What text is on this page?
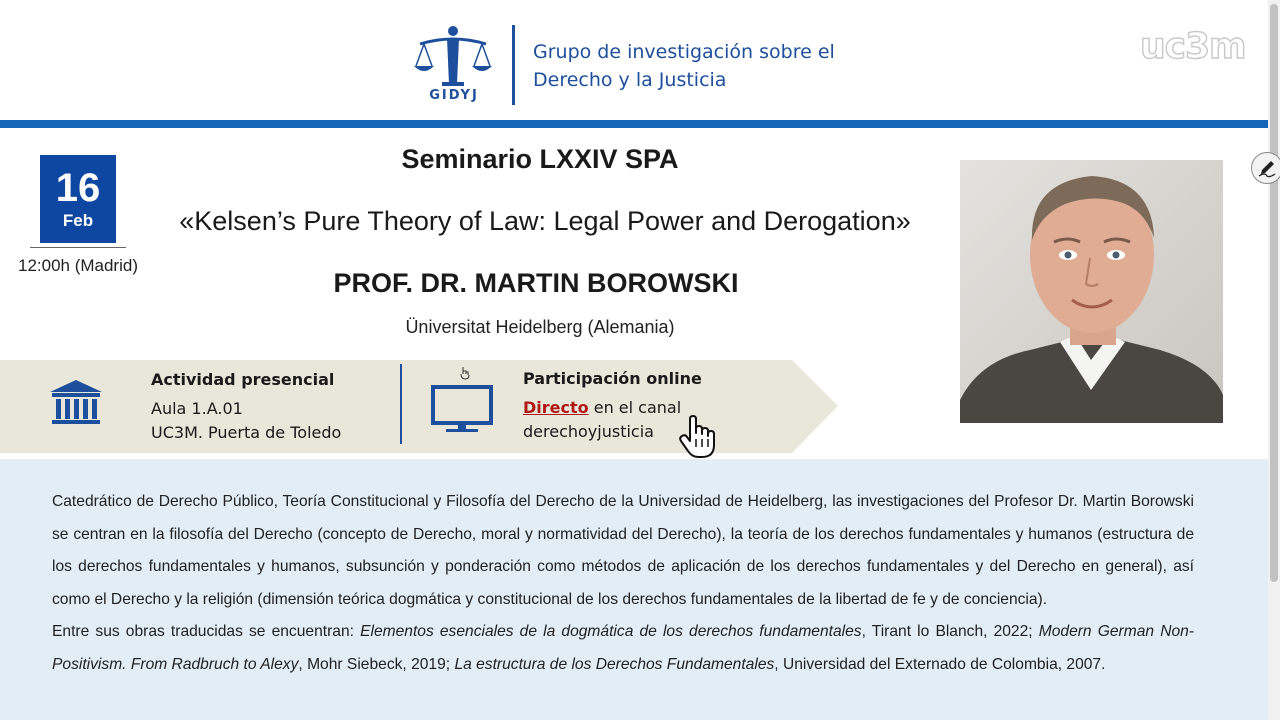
GIDYJ
Grupo de investigación sobre el
Derecho y la Justicia
uc3m
16
Feb
12:00h (Madrid)
Seminario LXXIV SPA
«Kelsen’s Pure Theory of Law: Legal Power and Derogation»
PROF. DR. MARTIN BOROWSKI
Üniversitat Heidelberg (Alemania)
Actividad presencial
Aula 1.A.01
UC3M. Puerta de Toledo
Participación online
Directo en el canal
derechoyjusticia

Catedrático de Derecho Público, Teoría Constitucional y Filosofía del Derecho de la Universidad de Heidelberg, las investigaciones del Profesor Dr. Martin Borowski se centran en la filosofía del Derecho (concepto de Derecho, moral y normatividad del Derecho), la teoría de los derechos fundamentales y humanos (estructura de los derechos fundamentales y humanos, subsunción y ponderación como métodos de aplicación de los derechos fundamentales y del Derecho en general), así como el Derecho y la religión (dimensión teórica dogmática y constitucional de los derechos fundamentales de la libertad de fe y de conciencia).

Entre sus obras traducidas se encuentran: Elementos esenciales de la dogmática de los derechos fundamentales, Tirant lo Blanch, 2022; Modern German Non-Positivism. From Radbruch to Alexy, Mohr Siebeck, 2019; La estructura de los Derechos Fundamentales, Universidad del Externado de Colombia, 2007.
